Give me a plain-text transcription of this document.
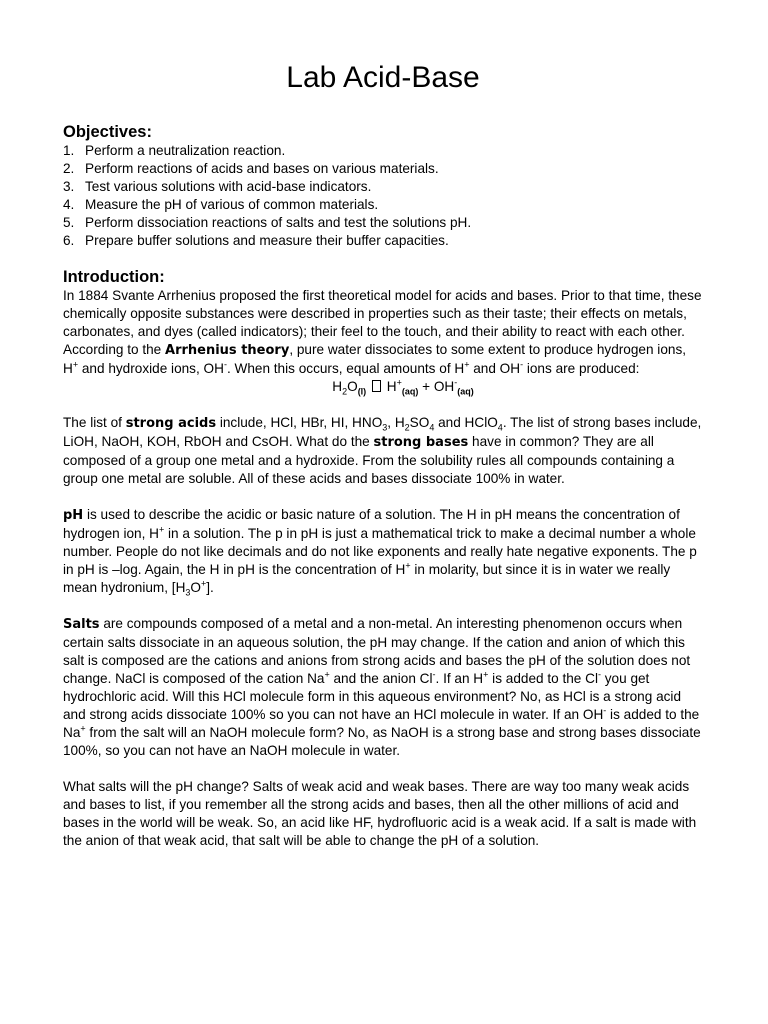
Lab Acid-Base
Objectives:
1. Perform a neutralization reaction.
2. Perform reactions of acids and bases on various materials.
3. Test various solutions with acid-base indicators.
4. Measure the pH of various of common materials.
5. Perform dissociation reactions of salts and test the solutions pH.
6. Prepare buffer solutions and measure their buffer capacities.
Introduction:

In 1884 Svante Arrhenius proposed the first theoretical model for acids and bases. Prior to that time, these chemically opposite substances were described in properties such as their taste; their effects on metals, carbonates, and dyes (called indicators); their feel to the touch, and their ability to react with each other. According to the Arrhenius theory, pure water dissociates to some extent to produce hydrogen ions, H+ and hydroxide ions, OH-. When this occurs, equal amounts of H+ and OH- ions are produced:

$H_2O_{(l)}$  $H^+_{(aq)} + OH^-_{(aq)}$

The list of strong acids include, HCl, HBr, HI, $HNO_3$, $H_2SO_4$ and HClO$_4$. The list of strong bases include, LiOH, NaOH, KOH, RbOH and CsOH. What do the strong bases have in common? They are all composed of a group one metal and a hydroxide. From the solubility rules all compounds containing a group one metal are soluble. All of these acids and bases dissociate 100% in water.

pH is used to describe the acidic or basic nature of a solution. The H in pH means the concentration of hydrogen ion, H+ in a solution. The p in pH is just a mathematical trick to make a decimal number a whole number. People do not like decimals and do not like exponents and really hate negative exponents. The p in pH is –log. Again, the H in pH is the concentration of H+ in molarity, but since it is in water we really mean hydronium, $[H_3O^+]$.

Salts are compounds composed of a metal and a non-metal. An interesting phenomenon occurs when certain salts dissociate in an aqueous solution, the pH may change. If the cation and anion of which this salt is composed are the cations and anions from strong acids and bases the pH of the solution does not change. NaCl is composed of the cation Na+ and the anion Cl-. If an H+ is added to the Cl- you get hydrochloric acid. Will this HCl molecule form in this aqueous environment? No, as HCl is a strong acid and strong acids dissociate 100% so you can not have an HCl molecule in water. If an OH- is added to the Na+ from the salt will an NaOH molecule form? No, as NaOH is a strong base and strong bases dissociate 100%, so you can not have an NaOH molecule in water.

What salts will the pH change? Salts of weak acid and weak bases. There are way too many weak acids and bases to list, if you remember all the strong acids and bases, then all the other millions of acid and bases in the world will be weak. So, an acid like HF, hydrofluoric acid is a weak acid. If a salt is made with the anion of that weak acid, that salt will be able to change the pH of a solution.
